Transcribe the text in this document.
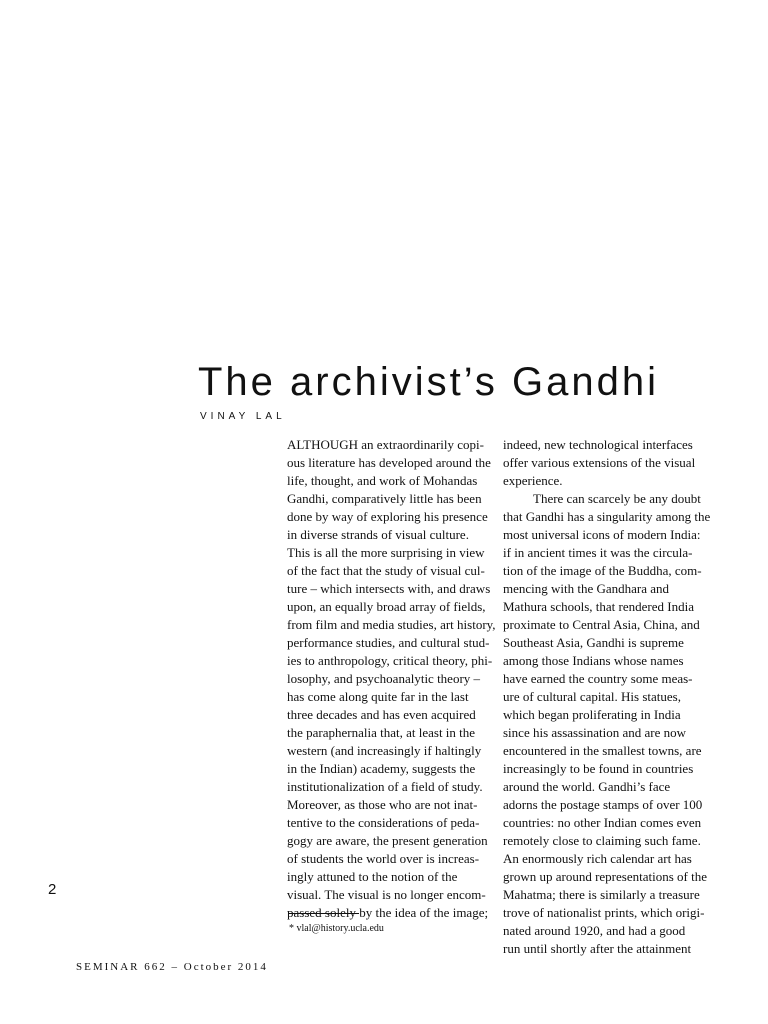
The archivist’s Gandhi
VINAY LAL
ALTHOUGH an extraordinarily copi-
ous literature has developed around the
life, thought, and work of Mohandas
Gandhi, comparatively little has been
done by way of exploring his presence
in diverse strands of visual culture.
This is all the more surprising in view
of the fact that the study of visual cul-
ture – which intersects with, and draws
upon, an equally broad array of fields,
from film and media studies, art history,
performance studies, and cultural stud-
ies to anthropology, critical theory, phi-
losophy, and psychoanalytic theory –
has come along quite far in the last
three decades and has even acquired
the paraphernalia that, at least in the
western (and increasingly if haltingly
in the Indian) academy, suggests the
institutionalization of a field of study.
Moreover, as those who are not inat-
tentive to the considerations of peda-
gogy are aware, the present generation
of students the world over is increas-
ingly attuned to the notion of the
visual. The visual is no longer encom-
passed solely by the idea of the image;
indeed, new technological interfaces
offer various extensions of the visual
experience.
There can scarcely be any doubt
that Gandhi has a singularity among the
most universal icons of modern India:
if in ancient times it was the circula-
tion of the image of the Buddha, com-
mencing with the Gandhara and
Mathura schools, that rendered India
proximate to Central Asia, China, and
Southeast Asia, Gandhi is supreme
among those Indians whose names
have earned the country some meas-
ure of cultural capital. His statues,
which began proliferating in India
since his assassination and are now
encountered in the smallest towns, are
increasingly to be found in countries
around the world. Gandhi’s face
adorns the postage stamps of over 100
countries: no other Indian comes even
remotely close to claiming such fame.
An enormously rich calendar art has
grown up around representations of the
Mahatma; there is similarly a treasure
trove of nationalist prints, which origi-
nated around 1920, and had a good
run until shortly after the attainment
* vlal@history.ucla.edu
2
SEMINAR 662 – October 2014
